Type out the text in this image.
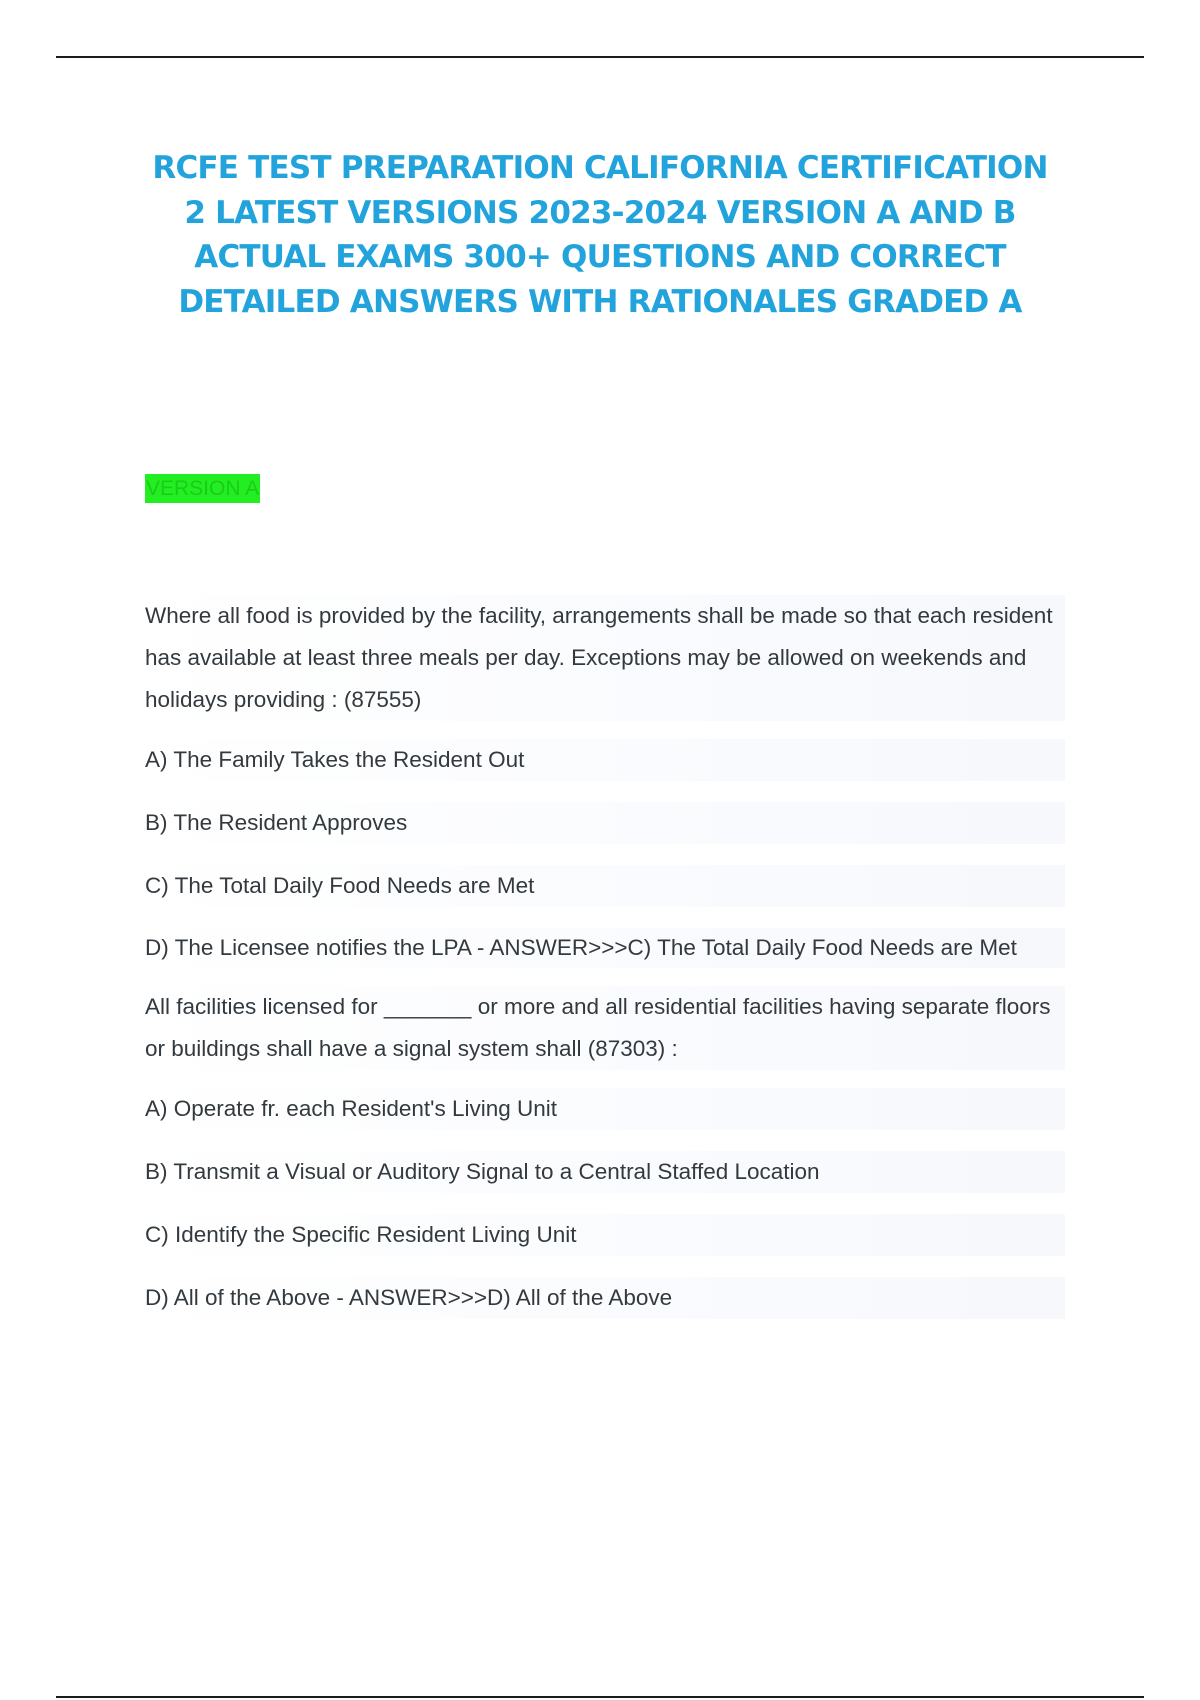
RCFE TEST PREPARATION CALIFORNIA CERTIFICATION 2 LATEST VERSIONS 2023-2024 VERSION A AND B ACTUAL EXAMS 300+ QUESTIONS AND CORRECT DETAILED ANSWERS WITH RATIONALES GRADED A
VERSION A

Where all food is provided by the facility, arrangements shall be made so that each resident has available at least three meals per day. Exceptions may be allowed on weekends and holidays providing : (87555)

A) The Family Takes the Resident Out

B) The Resident Approves

C) The Total Daily Food Needs are Met

D) The Licensee notifies the LPA - ANSWER>>>C) The Total Daily Food Needs are Met

All facilities licensed for _______ or more and all residential facilities having separate floors or buildings shall have a signal system shall (87303) :

A) Operate fr. each Resident's Living Unit

B) Transmit a Visual or Auditory Signal to a Central Staffed Location

C) Identify the Specific Resident Living Unit

D) All of the Above - ANSWER>>>D) All of the Above
